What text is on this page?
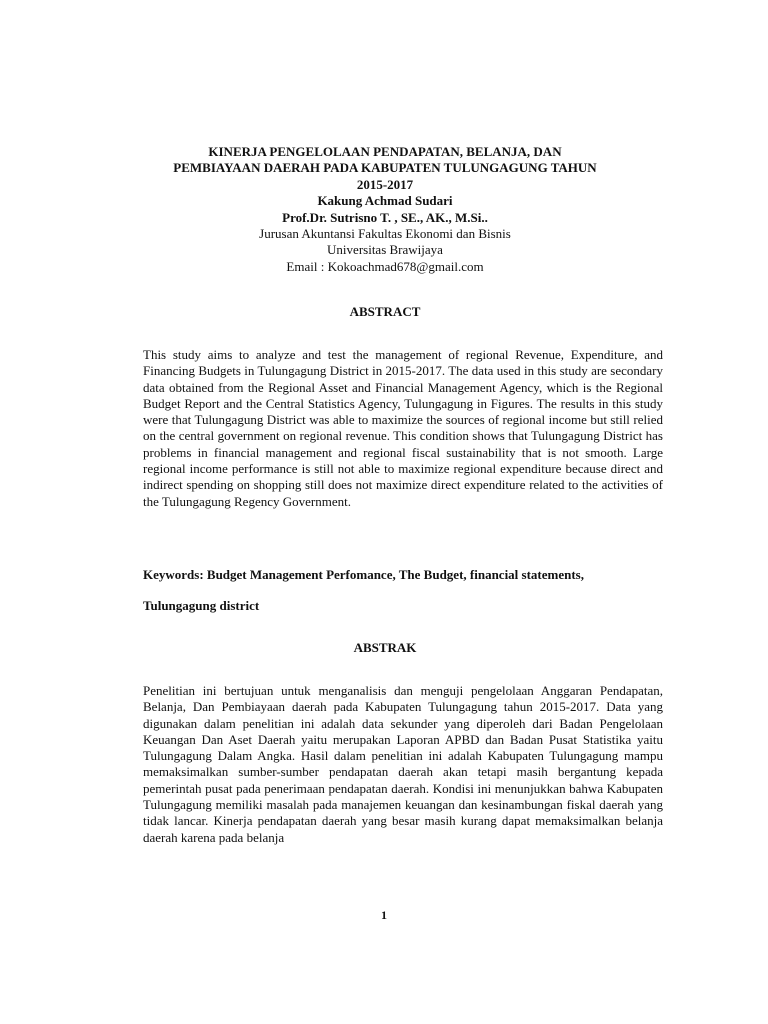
KINERJA PENGELOLAAN PENDAPATAN, BELANJA, DAN
PEMBIAYAAN DAERAH PADA KABUPATEN TULUNGAGUNG TAHUN
2015-2017
Kakung Achmad Sudari
Prof.Dr. Sutrisno T. , SE., AK., M.Si..
Jurusan Akuntansi Fakultas Ekonomi dan Bisnis
Universitas Brawijaya
Email : Kokoachmad678@gmail.com
ABSTRACT
This study aims to analyze and test the management of regional Revenue, Expenditure, and Financing Budgets in Tulungagung District in 2015-2017. The data used in this study are secondary data obtained from the Regional Asset and Financial Management Agency, which is the Regional Budget Report and the Central Statistics Agency, Tulungagung in Figures. The results in this study were that Tulungagung District was able to maximize the sources of regional income but still relied on the central government on regional revenue. This condition shows that Tulungagung District has problems in financial management and regional fiscal sustainability that is not smooth. Large regional income performance is still not able to maximize regional expenditure because direct and indirect spending on shopping still does not maximize direct expenditure related to the activities of the Tulungagung Regency Government.
Keywords: Budget Management Perfomance, The Budget, financial statements,
Tulungagung district
ABSTRAK
Penelitian ini bertujuan untuk menganalisis dan menguji pengelolaan Anggaran Pendapatan, Belanja, Dan Pembiayaan daerah pada Kabupaten Tulungagung tahun 2015-2017. Data yang digunakan dalam penelitian ini adalah data sekunder yang diperoleh dari Badan Pengelolaan Keuangan Dan Aset Daerah yaitu merupakan Laporan APBD dan Badan Pusat Statistika yaitu Tulungagung Dalam Angka. Hasil dalam penelitian ini adalah Kabupaten Tulungagung mampu memaksimalkan sumber-sumber pendapatan daerah akan tetapi masih bergantung kepada pemerintah pusat pada penerimaan pendapatan daerah. Kondisi ini menunjukkan bahwa Kabupaten Tulungagung memiliki masalah pada manajemen keuangan dan kesinambungan fiskal daerah yang tidak lancar. Kinerja pendapatan daerah yang besar masih kurang dapat memaksimalkan belanja daerah karena pada belanja
1
